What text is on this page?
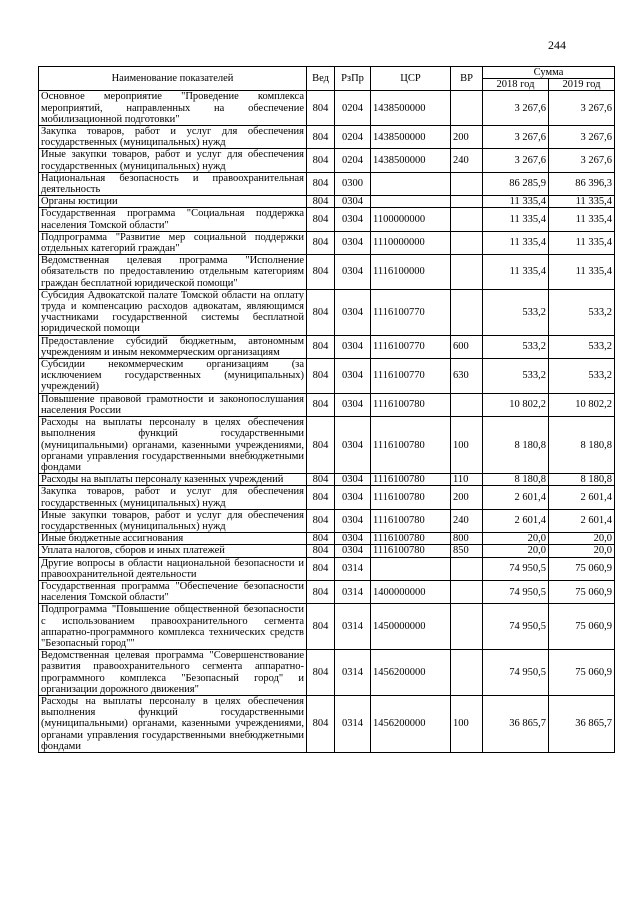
244
Наименование показателей	Вед	РзПр	ЦСР	ВР	Сумма	
					2018 год	2019 год
Основное мероприятие "Проведение комплекса мероприятий, направленных на обеспечение мобилизационной подготовки"	804	0204	1438500000		3 267,6	3 267,6
Закупка товаров, работ и услуг для обеспечения государственных (муниципальных) нужд	804	0204	1438500000	200	3 267,6	3 267,6
Иные закупки товаров, работ и услуг для обеспечения государственных (муниципальных) нужд	804	0204	1438500000	240	3 267,6	3 267,6
Национальная безопасность и правоохранительная деятельность	804	0300			86 285,9	86 396,3
Органы юстиции	804	0304			11 335,4	11 335,4
Государственная программа "Социальная поддержка населения Томской области"	804	0304	1100000000		11 335,4	11 335,4
Подпрограмма "Развитие мер социальной поддержки отдельных категорий граждан"	804	0304	1110000000		11 335,4	11 335,4
Ведомственная целевая программа "Исполнение обязательств по предоставлению отдельным категориям граждан бесплатной юридической помощи"	804	0304	1116100000		11 335,4	11 335,4
Субсидия Адвокатской палате Томской области на оплату труда и компенсацию расходов адвокатам, являющимся участниками государственной системы бесплатной юридической помощи	804	0304	1116100770		533,2	533,2
Предоставление субсидий бюджетным, автономным учреждениям и иным некоммерческим организациям	804	0304	1116100770	600	533,2	533,2
Субсидии некоммерческим организациям (за исключением государственных (муниципальных) учреждений)	804	0304	1116100770	630	533,2	533,2
Повышение правовой грамотности и законопослушания населения России	804	0304	1116100780		10 802,2	10 802,2
Расходы на выплаты персоналу в целях обеспечения выполнения функций государственными (муниципальными) органами, казенными учреждениями, органами управления государственными внебюджетными фондами	804	0304	1116100780	100	8 180,8	8 180,8
Расходы на выплаты персоналу казенных учреждений	804	0304	1116100780	110	8 180,8	8 180,8
Закупка товаров, работ и услуг для обеспечения государственных (муниципальных) нужд	804	0304	1116100780	200	2 601,4	2 601,4
Иные закупки товаров, работ и услуг для обеспечения государственных (муниципальных) нужд	804	0304	1116100780	240	2 601,4	2 601,4
Иные бюджетные ассигнования	804	0304	1116100780	800	20,0	20,0
Уплата налогов, сборов и иных платежей	804	0304	1116100780	850	20,0	20,0
Другие вопросы в области национальной безопасности и правоохранительной деятельности	804	0314			74 950,5	75 060,9
Государственная программа "Обеспечение безопасности населения Томской области"	804	0314	1400000000		74 950,5	75 060,9
Подпрограмма "Повышение общественной безопасности с использованием правоохранительного сегмента аппаратно-программного комплекса технических средств "Безопасный город""	804	0314	1450000000		74 950,5	75 060,9
Ведомственная целевая программа "Совершенствование развития правоохранительного сегмента аппаратно-программного комплекса "Безопасный город" и организации дорожного движения"	804	0314	1456200000		74 950,5	75 060,9
Расходы на выплаты персоналу в целях обеспечения выполнения функций государственными (муниципальными) органами, казенными учреждениями, органами управления государственными внебюджетными фондами	804	0314	1456200000	100	36 865,7	36 865,7
